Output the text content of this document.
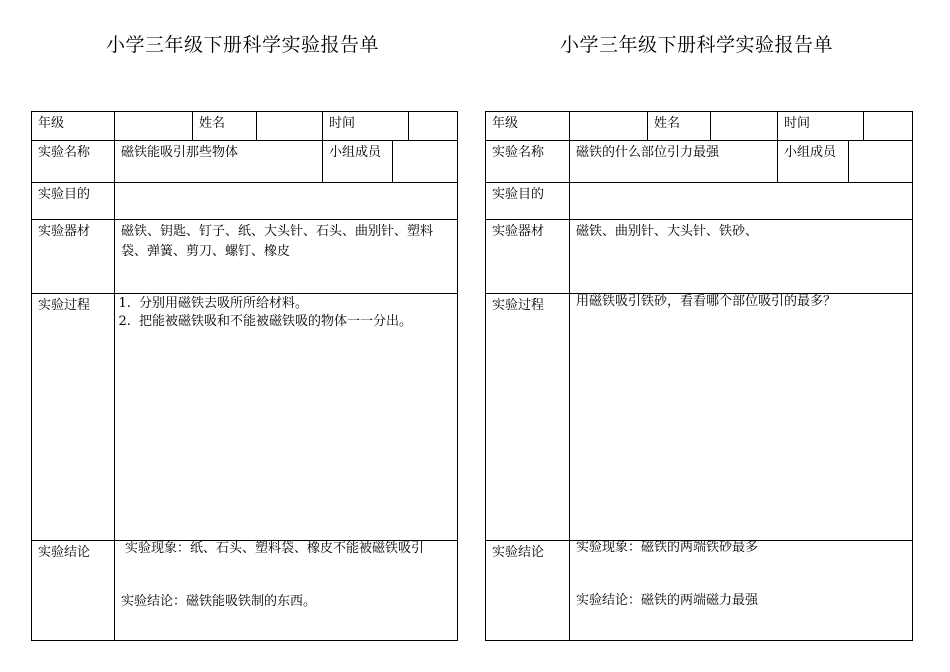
小学三年级下册科学实验报告单
年级	姓名	时间
实验名称 磁铁能吸引那些物体	小组成员
实验目的
实验器材 磁铁、钥匙、钉子、纸、大头针、石头、曲别针、塑料袋、弹簧、剪刀、螺钉、橡皮
实验过程
1.	分别用磁铁去吸所所给材料。
2. 把能被磁铁吸和不能被磁铁吸的物体一一分出。
实验结论	实验现象：纸、石头、塑料袋、橡皮不能被磁铁吸引
实验结论：磁铁能吸铁制的东西。
小学三年级下册科学实验报告单
年级	姓名	时间
实验名称 磁铁的什么部位引力最强	小组成员
实验目的
实验器材 磁铁、曲别针、大头针、铁砂、
实验过程 用磁铁吸引铁砂，看看哪个部位吸引的最多？
实验结论 实验现象：磁铁的两端铁砂最多
实验结论：磁铁的两端磁力最强
